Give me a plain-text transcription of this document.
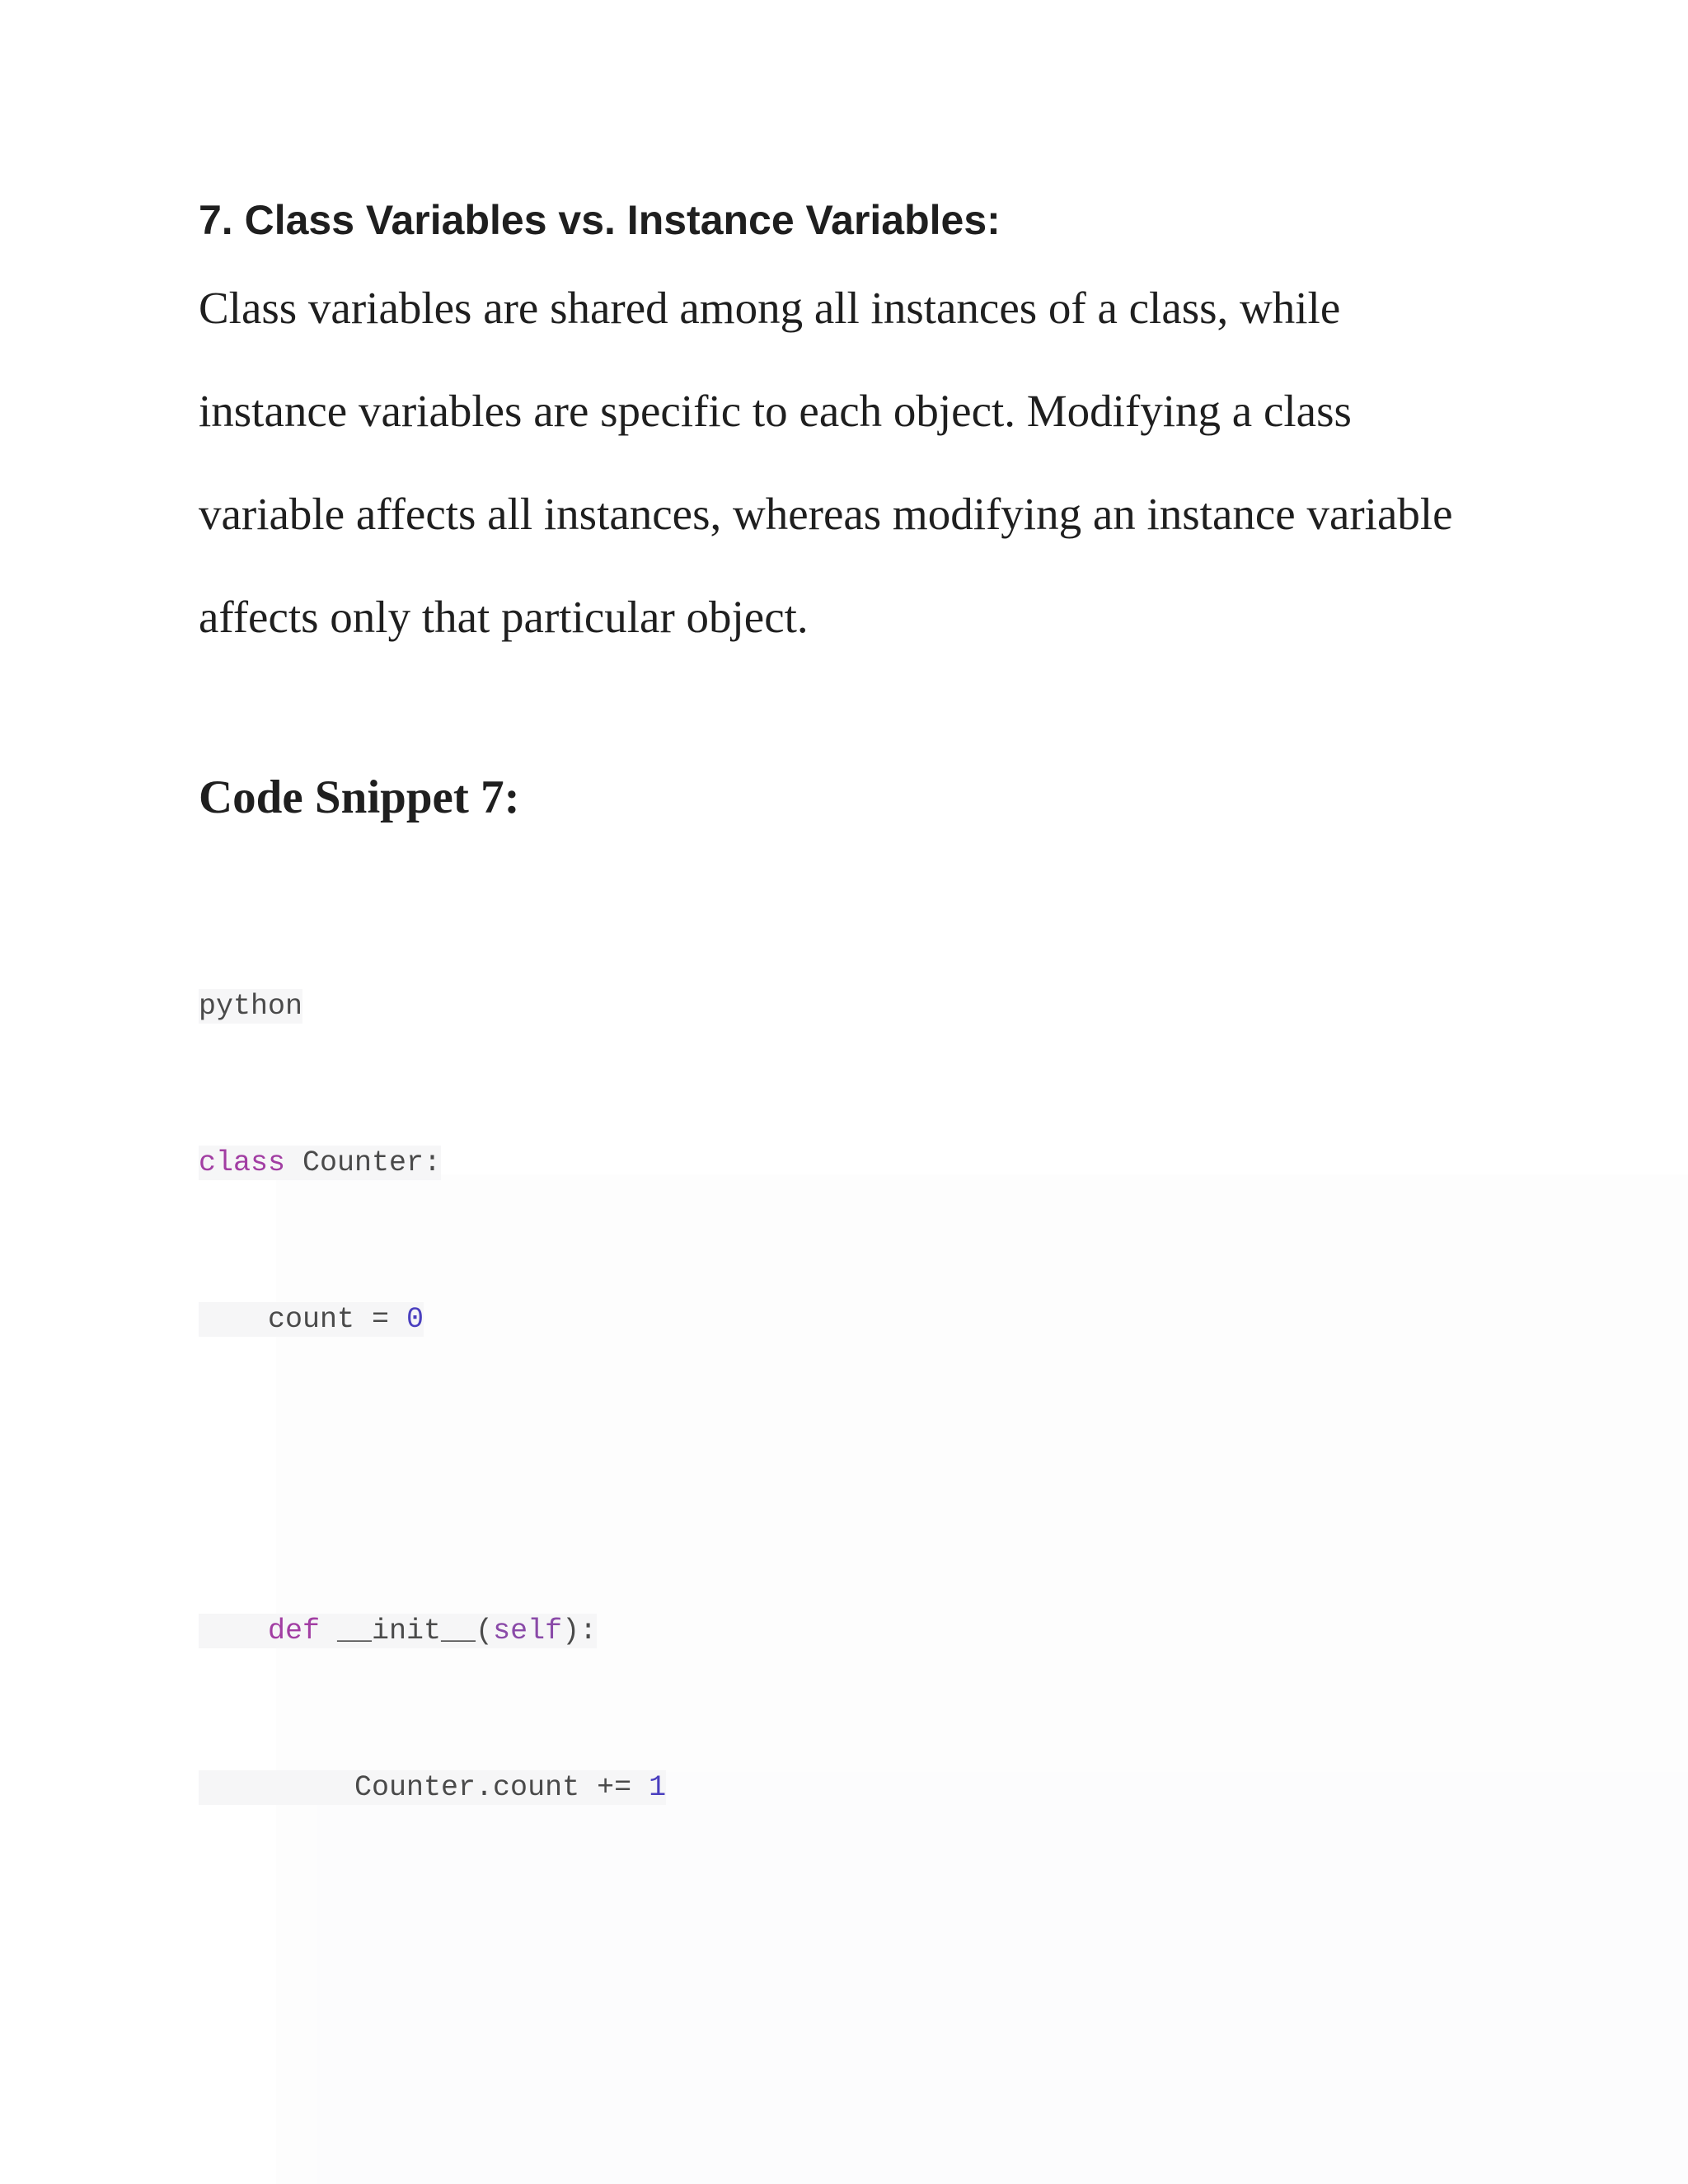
7. Class Variables vs. Instance Variables:

Class variables are shared among all instances of a class, while
instance variables are specific to each object. Modifying a class
variable affects all instances, whereas modifying an instance variable
affects only that particular object.

Code Snippet 7:
python
class Counter:
count = 0
def __init__(self):
Counter.count += 1
